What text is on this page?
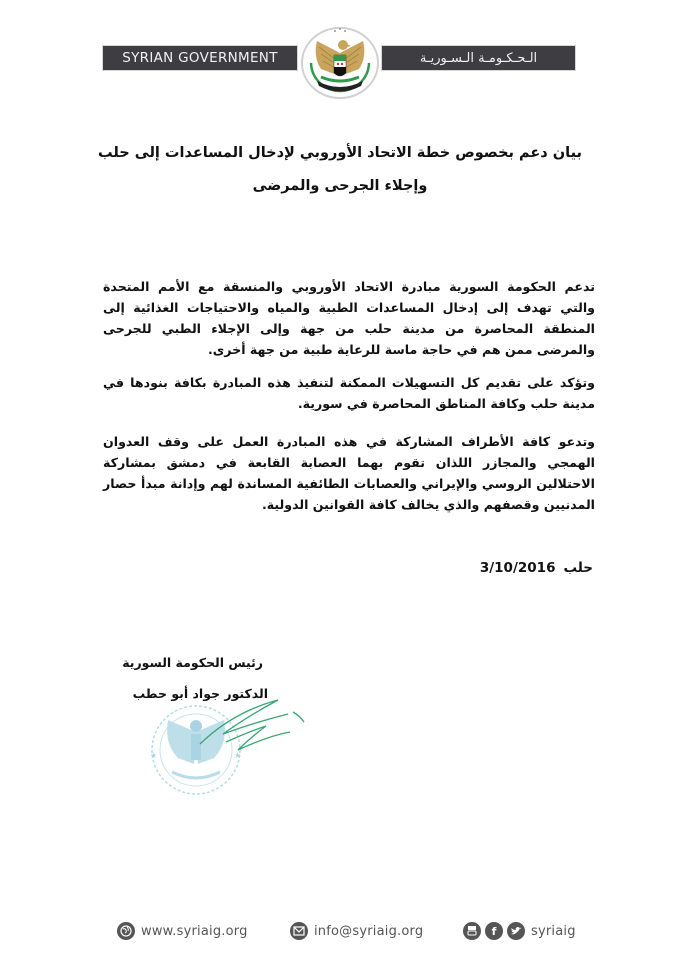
SYRIAN GOVERNMENT	الـحـكـومـة الـسـوريـة
بيان دعم بخصوص خطة الاتحاد الأوروبي لإدخال المساعدات إلى حلب
وإجلاء الجرحى والمرضى

تدعم الحكومة السورية مبادرة الاتحاد الأوروبي والمنسقة مع الأمم المتحدة والتي تهدف إلى إدخال المساعدات الطبية والمياه والاحتياجات الغذائية إلى المنطقة المحاصرة من مدينة حلب من جهة وإلى الإجلاء الطبي للجرحى والمرضى ممن هم في حاجة ماسة للرعاية طبية من جهة أخرى.

وتؤكد على تقديم كل التسهيلات الممكنة لتنفيذ هذه المبادرة بكافة بنودها في مدينة حلب وكافة المناطق المحاصرة في سورية.

وتدعو كافة الأطراف المشاركة في هذه المبادرة العمل على وقف العدوان الهمجي والمجازر اللذان تقوم بهما العصابة القابعة في دمشق بمشاركة الاحتلالين الروسي والإيراني والعصابات الطائفية المساندة لهم وإدانة مبدأ حصار المدنيين وقصفهم والذي يخالف كافة القوانين الدولية.

حلب3/10/2016
رئيس الحكومة السورية
الدكتور جواد أبو حطب
★	★
www.syriaig.org	info@syriaig.org	f	syriaig
